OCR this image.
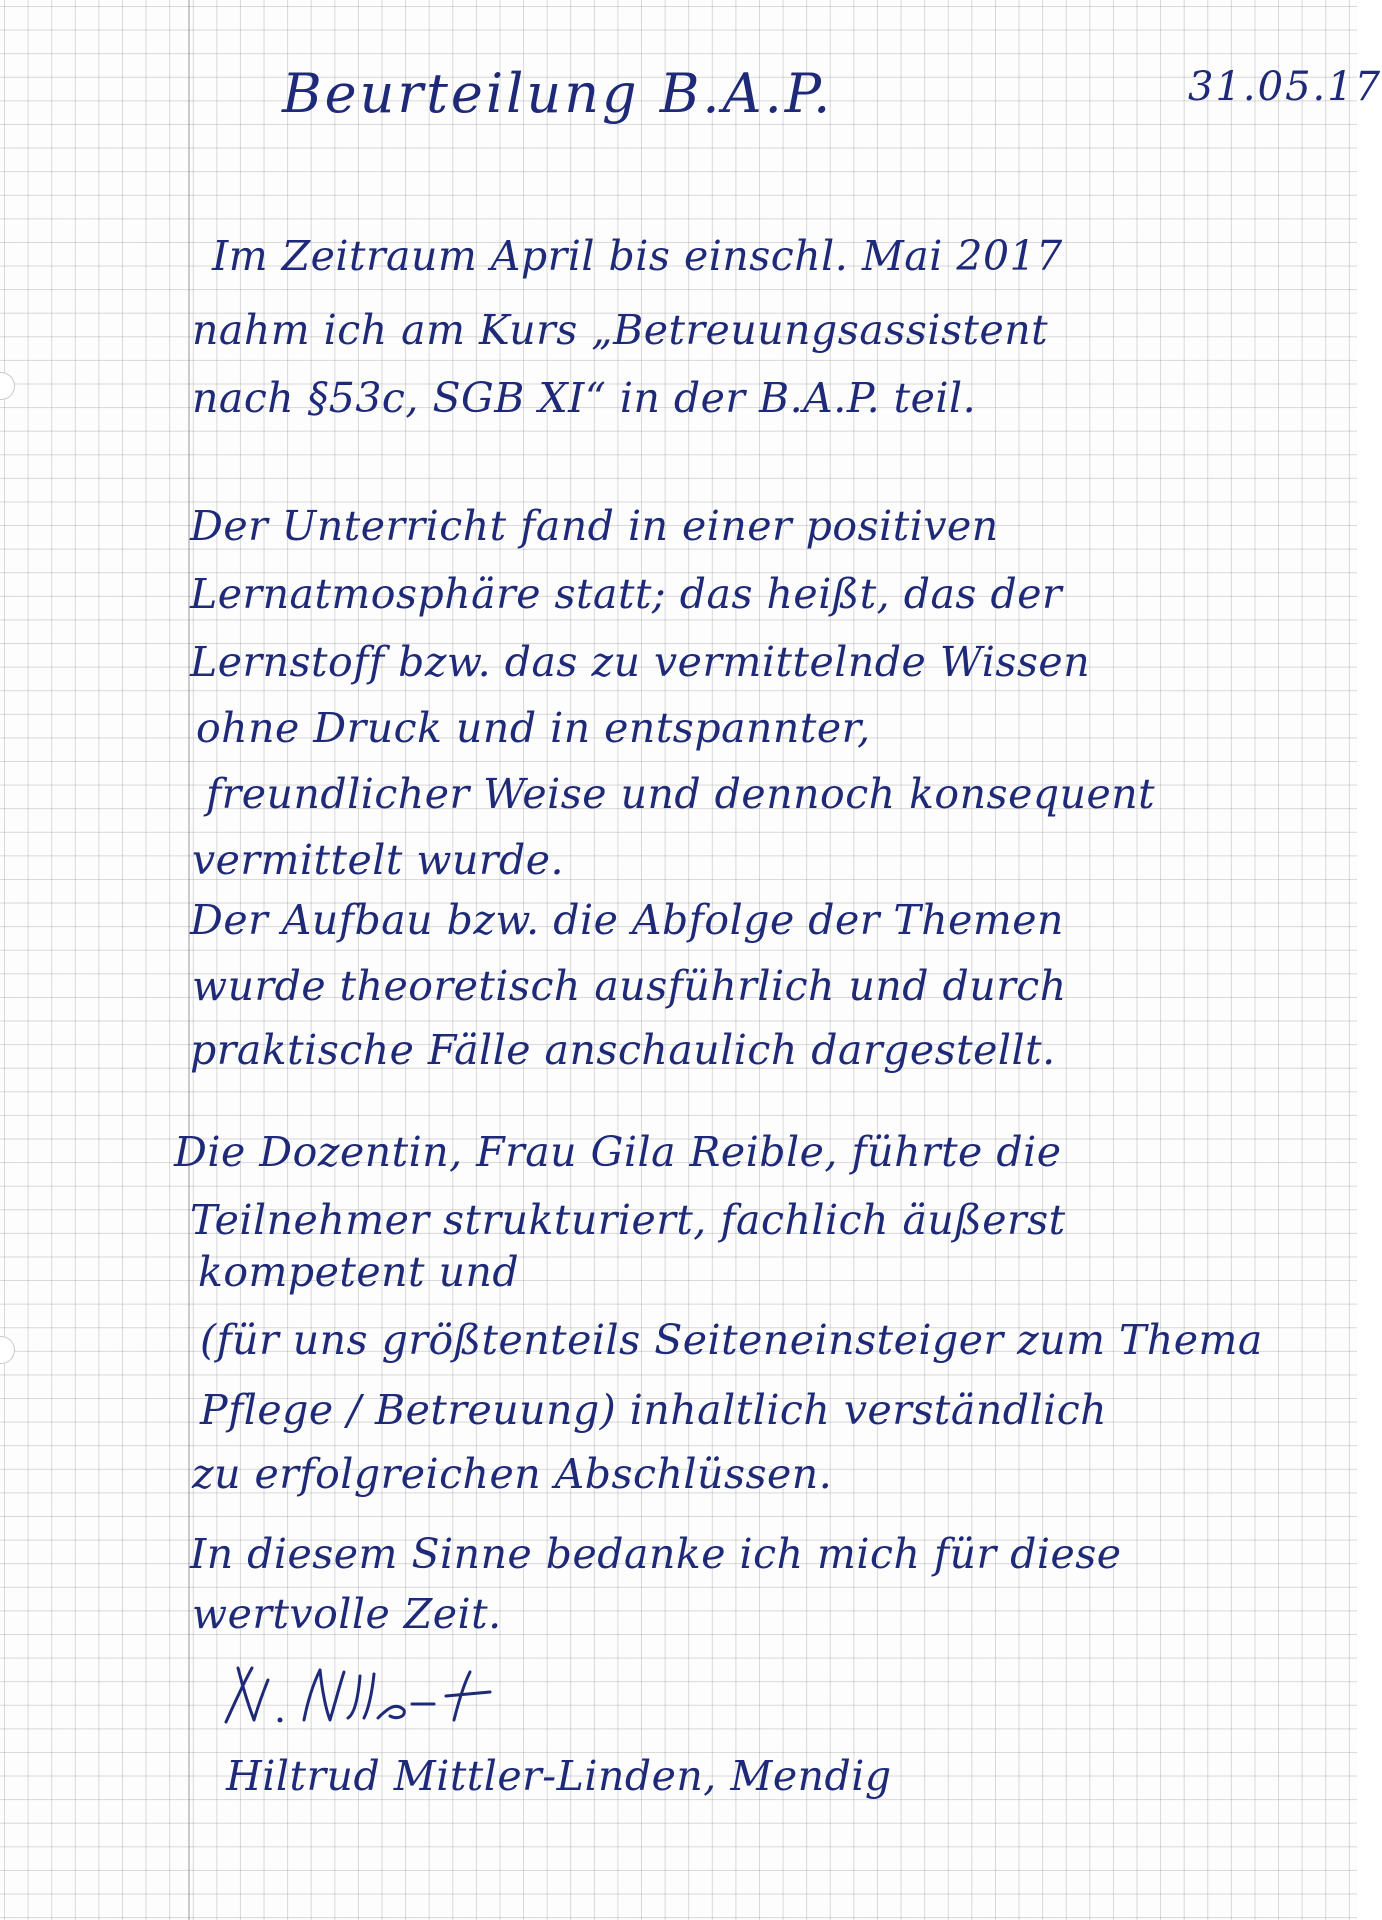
Beurteilung B.A.P.	31.05.17
Im Zeitraum April bis einschl. Mai 2017
nahm ich am Kurs „Betreuungsassistent
nach §53c, SGB XI“ in der B.A.P. teil.
Der Unterricht fand in einer positiven
Lernatmosphäre statt; das heißt, das der
Lernstoff bzw. das zu vermittelnde Wissen
ohne Druck und in entspannter,
freundlicher Weise und dennoch konsequent
vermittelt wurde.
Der Aufbau bzw. die Abfolge der Themen
wurde theoretisch ausführlich und durch
praktische Fälle anschaulich dargestellt.
Die Dozentin, Frau Gila Reible, führte die
Teilnehmer strukturiert, fachlich äußerst
kompetent und
(für uns größtenteils Seiteneinsteiger zum Thema
Pflege / Betreuung) inhaltlich verständlich
zu erfolgreichen Abschlüssen.
In diesem Sinne bedanke ich mich für diese
wertvolle Zeit.
Hiltrud Mittler-Linden, Mendig
